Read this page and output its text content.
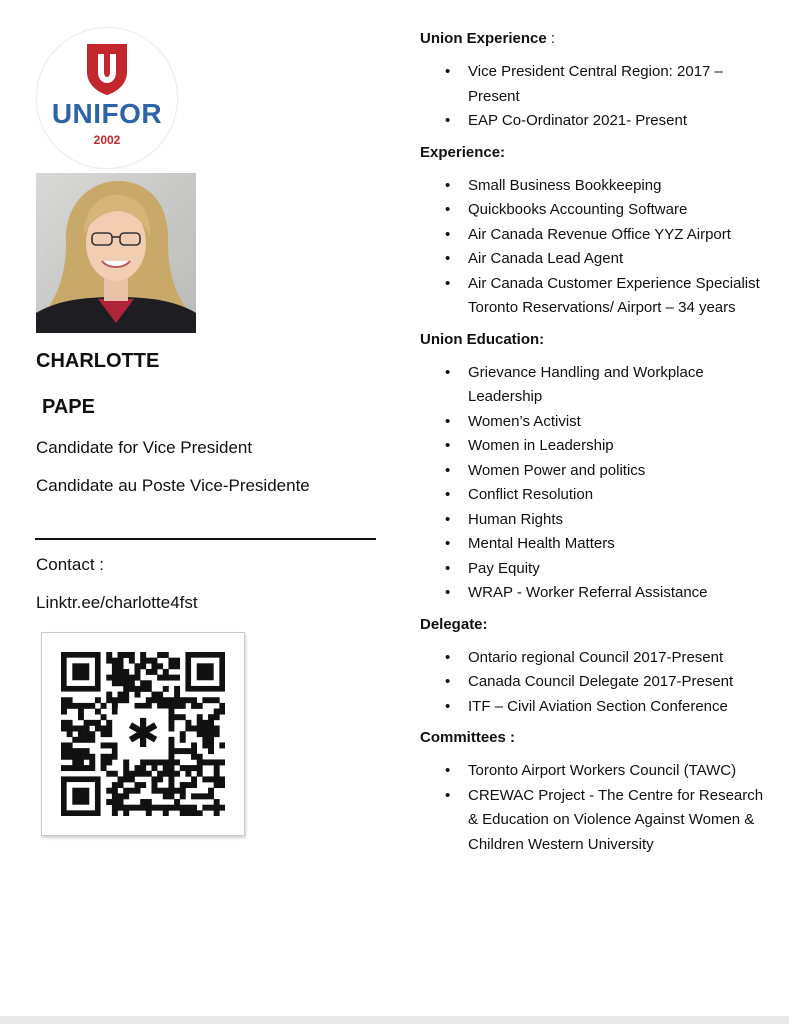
UNIFOR
2002
CHARLOTTE
PAPE
Candidate for Vice President
Candidate au Poste Vice-Presidente
Contact :
Linktr.ee/charlotte4fst
✱
Union Experience :
• Vice President Central Region: 2017 – Present
• EAP Co-Ordinator 2021- Present
Experience:
• Small Business Bookkeeping
• Quickbooks Accounting Software
• Air Canada Revenue Office YYZ Airport
• Air Canada Lead Agent
• Air Canada Customer Experience Specialist Toronto Reservations/ Airport – 34 years
Union Education:
• Grievance Handling and Workplace Leadership
• Women’s Activist
• Women in Leadership
• Women Power and politics
• Conflict Resolution
• Human Rights
• Mental Health Matters
• Pay Equity
• WRAP - Worker Referral Assistance
Delegate:
• Ontario regional Council 2017-Present
• Canada Council Delegate 2017-Present
• ITF – Civil Aviation Section Conference
Committees :
• Toronto Airport Workers Council (TAWC)
• CREWAC Project - The Centre for Research & Education on Violence Against Women & Children Western University
